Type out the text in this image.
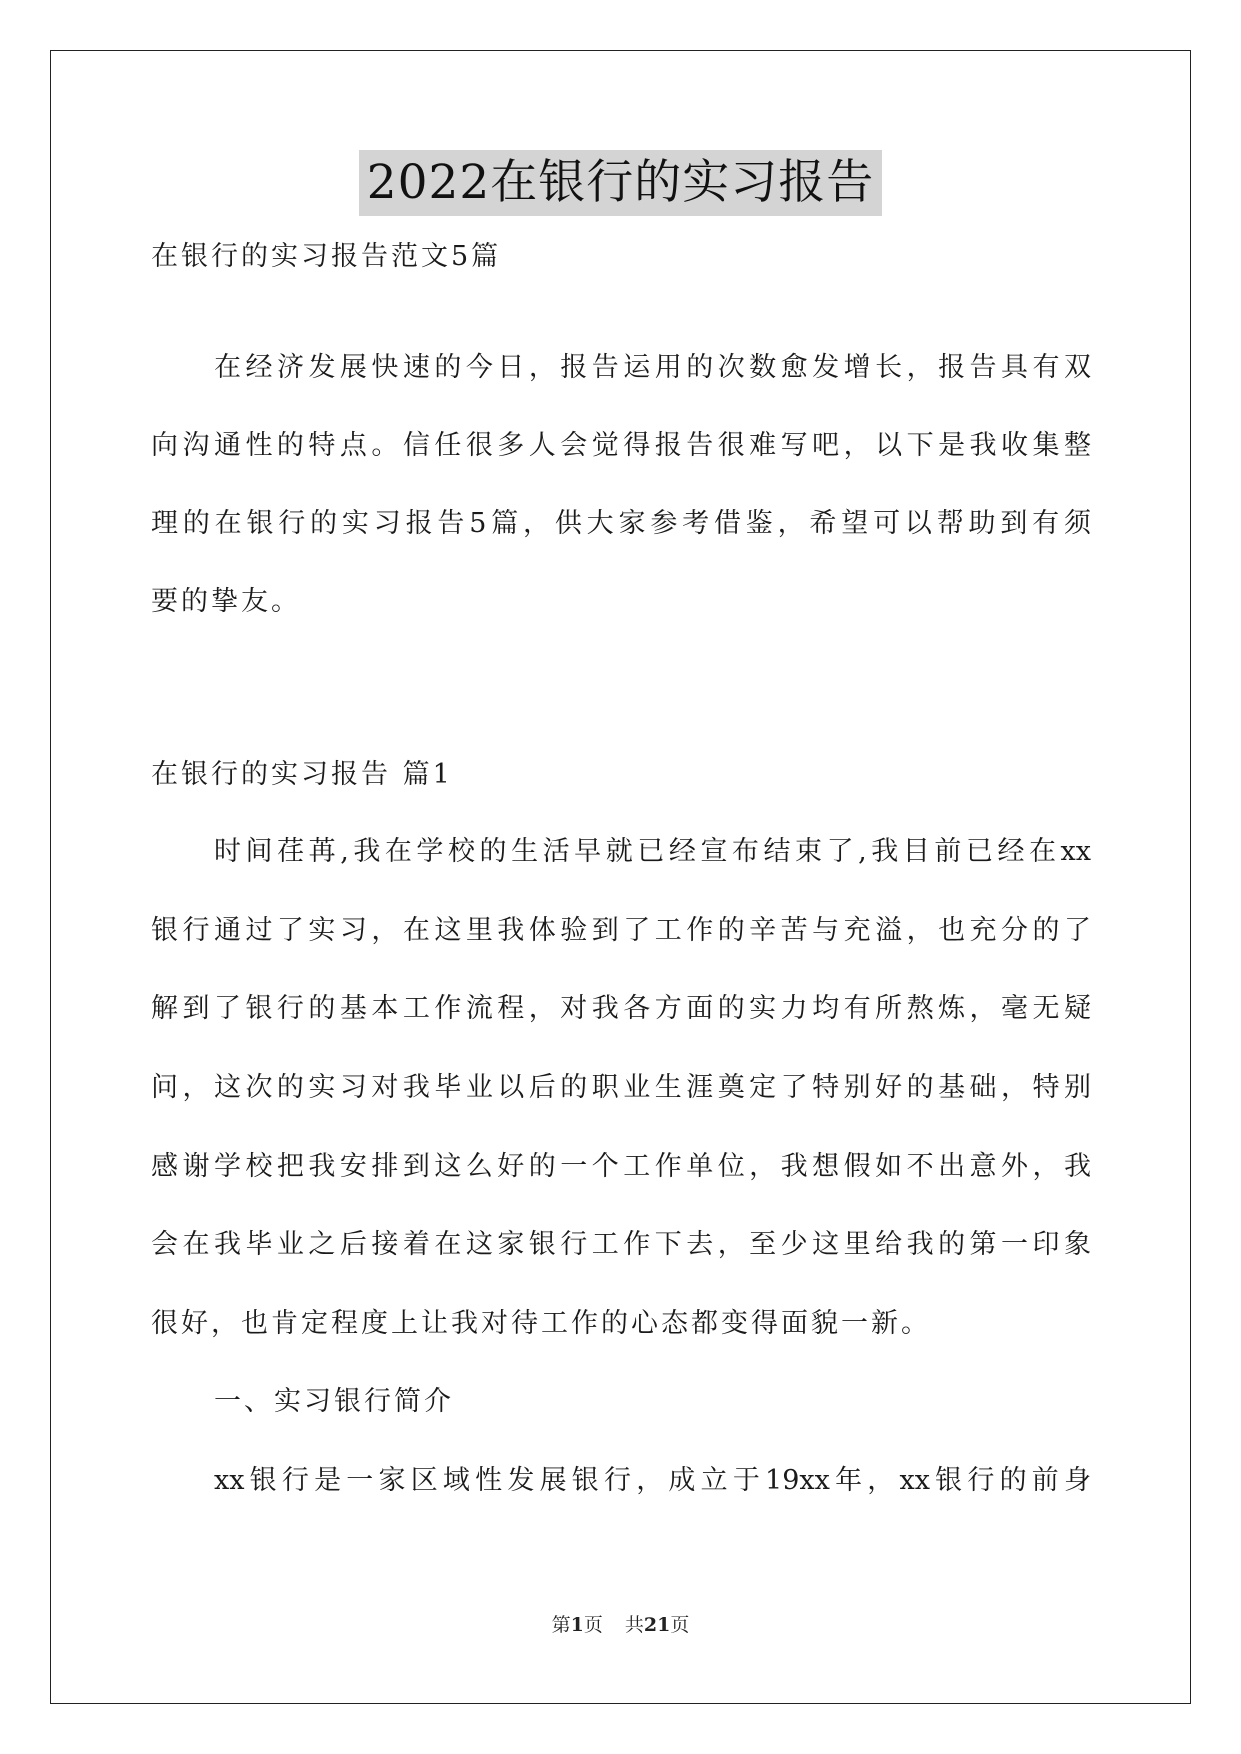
2022在银行的实习报告
在银行的实习报告范文5篇
在经济发展快速的今日，报告运用的次数愈发增长，报告具有双
向沟通性的特点。信任很多人会觉得报告很难写吧，以下是我收集整
理的在银行的实习报告5篇，供大家参考借鉴，希望可以帮助到有须
要的挚友。
在银行的实习报告 篇1
时间荏苒,我在学校的生活早就已经宣布结束了,我目前已经在xx
银行通过了实习，在这里我体验到了工作的辛苦与充溢，也充分的了
解到了银行的基本工作流程，对我各方面的实力均有所熬炼，毫无疑
问，这次的实习对我毕业以后的职业生涯奠定了特别好的基础，特别
感谢学校把我安排到这么好的一个工作单位，我想假如不出意外，我
会在我毕业之后接着在这家银行工作下去，至少这里给我的第一印象
很好，也肯定程度上让我对待工作的心态都变得面貌一新。
一、实习银行简介
xx银行是一家区域性发展银行，成立于19xx年，xx银行的前身
第1页 共21页
